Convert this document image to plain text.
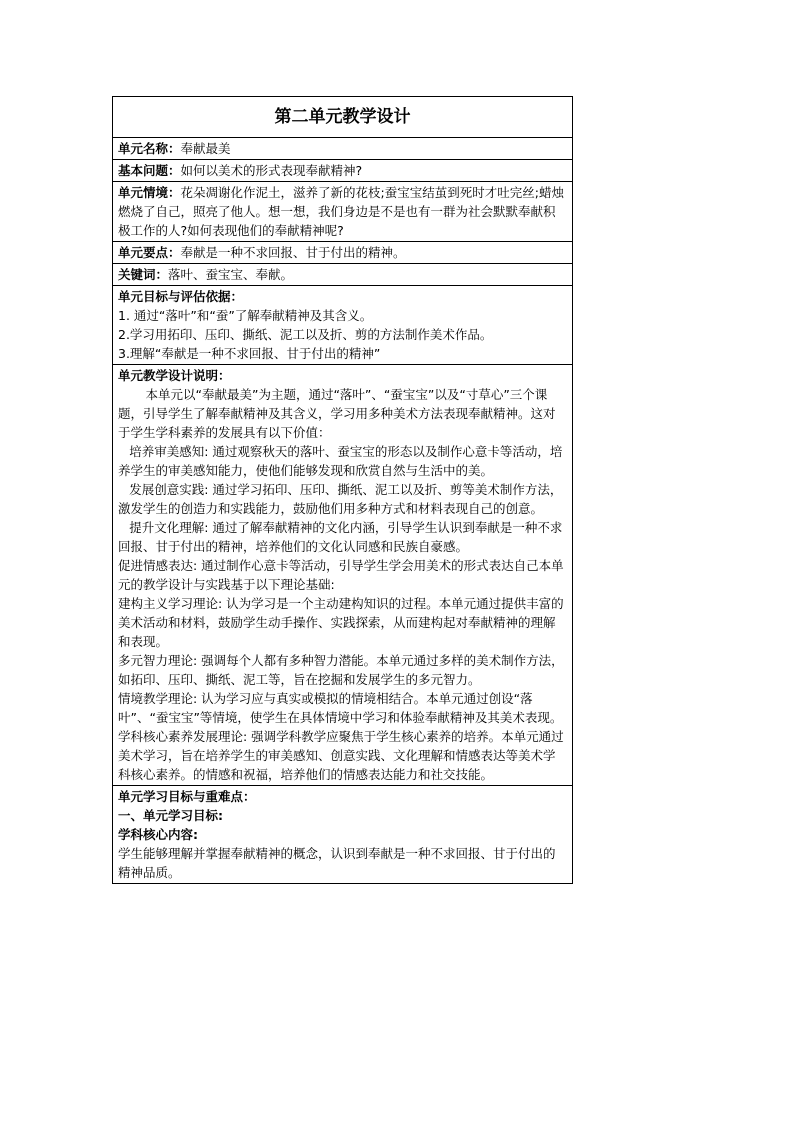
第二单元教学设计
单元名称：奉献最美
基本问题：如何以美术的形式表现奉献精神?
单元情境：花朵凋谢化作泥土，滋养了新的花枝;蚕宝宝结茧到死时才吐完丝;蜡烛燃烧了自己，照亮了他人。想一想，我们身边是不是也有一群为社会默默奉献积极工作的人?如何表现他们的奉献精神呢?
单元要点：奉献是一种不求回报、甘于付出的精神。
关键词：落叶、蚕宝宝、奉献。

单元目标与评估依据：

1. 通过“落叶”和“蚕”了解奉献精神及其含义。

2.学习用拓印、压印、撕纸、泥工以及折、剪的方法制作美术作品。

3.理解“奉献是一种不求回报、甘于付出的精神”

单元教学设计说明：

本单元以“奉献最美”为主题，通过“落叶”、“蚕宝宝”以及“寸草心”三个课题，引导学生了解奉献精神及其含义，学习用多种美术方法表现奉献精神。这对于学生学科素养的发展具有以下价值：

培养审美感知: 通过观察秋天的落叶、蚕宝宝的形态以及制作心意卡等活动，培养学生的审美感知能力，使他们能够发现和欣赏自然与生活中的美。

发展创意实践: 通过学习拓印、压印、撕纸、泥工以及折、剪等美术制作方法，激发学生的创造力和实践能力，鼓励他们用多种方式和材料表现自己的创意。

提升文化理解: 通过了解奉献精神的文化内涵，引导学生认识到奉献是一种不求回报、甘于付出的精神，培养他们的文化认同感和民族自豪感。

促进情感表达: 通过制作心意卡等活动，引导学生学会用美术的形式表达自己本单元的教学设计与实践基于以下理论基础:

建构主义学习理论: 认为学习是一个主动建构知识的过程。本单元通过提供丰富的美术活动和材料，鼓励学生动手操作、实践探索，从而建构起对奉献精神的理解和表现。

多元智力理论: 强调每个人都有多种智力潜能。本单元通过多样的美术制作方法，如拓印、压印、撕纸、泥工等，旨在挖掘和发展学生的多元智力。

情境教学理论: 认为学习应与真实或模拟的情境相结合。本单元通过创设“落叶”、“蚕宝宝”等情境，使学生在具体情境中学习和体验奉献精神及其美术表现。

学科核心素养发展理论: 强调学科教学应聚焦于学生核心素养的培养。本单元通过美术学习，旨在培养学生的审美感知、创意实践、文化理解和情感表达等美术学科核心素养。的情感和祝福，培养他们的情感表达能力和社交技能。

单元学习目标与重难点：

一、单元学习目标:

学科核心内容:

学生能够理解并掌握奉献精神的概念，认识到奉献是一种不求回报、甘于付出的精神品质。
